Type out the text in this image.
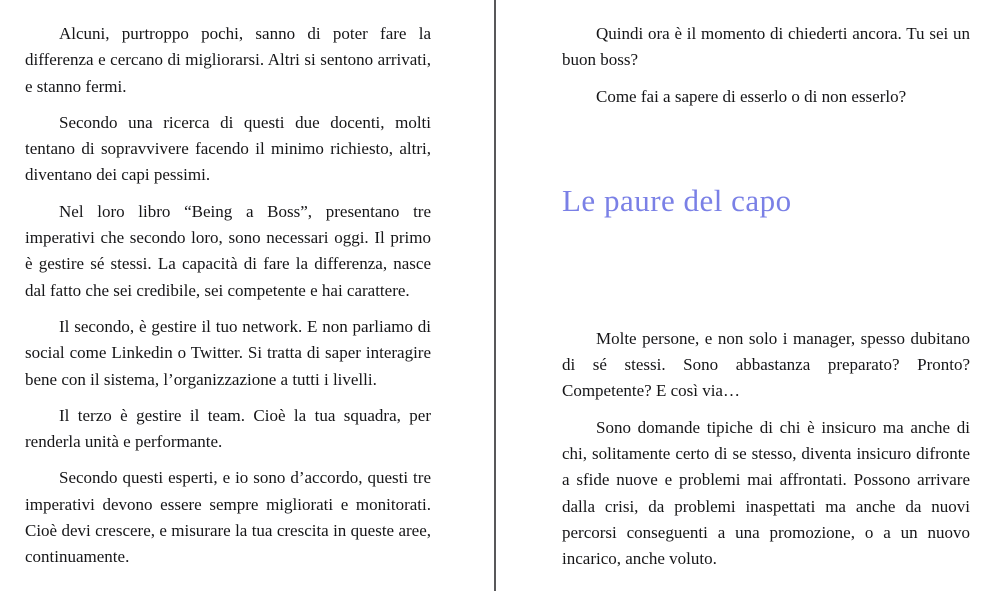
Alcuni, purtroppo pochi, sanno di poter fare la differenza e cercano di migliorarsi. Altri si sentono arrivati, e stanno fermi.

Secondo una ricerca di questi due docenti, molti tentano di sopravvivere facendo il minimo richiesto, altri, diventano dei capi pessimi.

Nel loro libro “Being a Boss”, presentano tre imperativi che secondo loro, sono necessari oggi. Il primo è gestire sé stessi. La capacità di fare la differenza, nasce dal fatto che sei credibile, sei competente e hai carattere.

Il secondo, è gestire il tuo network. E non parliamo di social come Linkedin o Twitter. Si tratta di saper interagire bene con il sistema, l’organizzazione a tutti i livelli.

Il terzo è gestire il team. Cioè la tua squadra, per renderla unità e performante.

Secondo questi esperti, e io sono d’accordo, questi tre imperativi devono essere sempre migliorati e monitorati. Cioè devi crescere, e misurare la tua crescita in queste aree, continuamente.

Quindi ora è il momento di chiederti ancora. Tu sei un buon boss?

Come fai a sapere di esserlo o di non esserlo?

Le paure del capo

Molte persone, e non solo i manager, spesso dubitano di sé stessi. Sono abbastanza preparato? Pronto? Competente? E così via…

Sono domande tipiche di chi è insicuro ma anche di chi, solitamente certo di se stesso, diventa insicuro difronte a sfide nuove e problemi mai affrontati. Possono arrivare dalla crisi, da problemi inaspettati ma anche da nuovi percorsi conseguenti a una promozione, o a un nuovo incarico, anche voluto.
